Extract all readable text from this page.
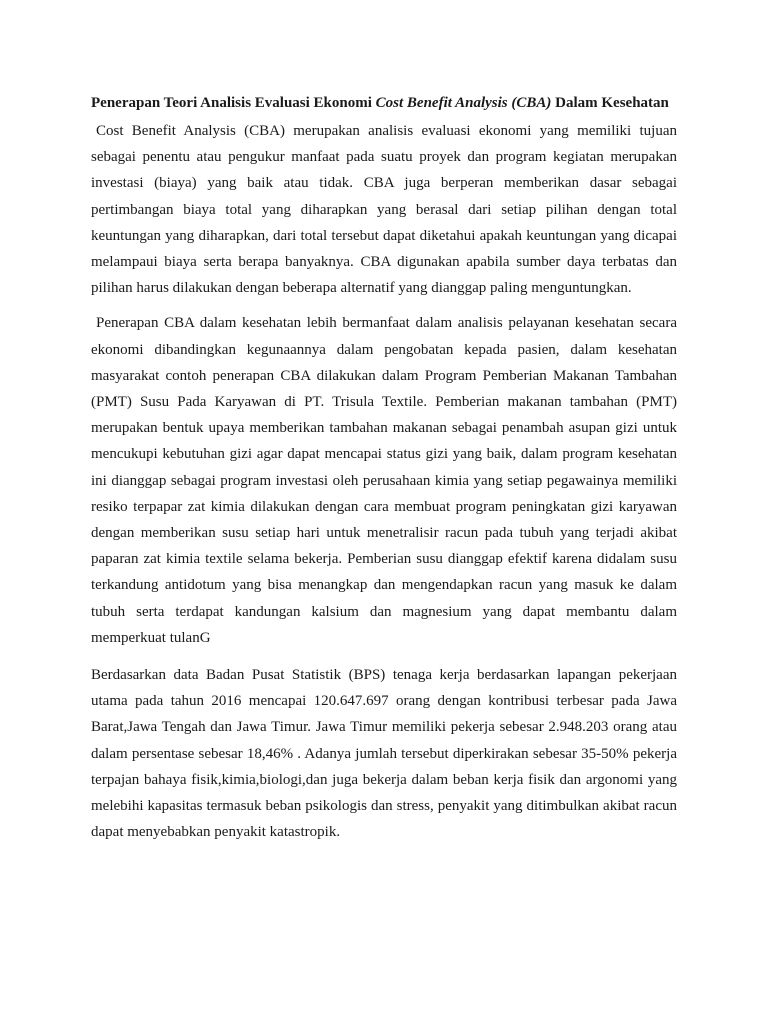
Penerapan Teori Analisis Evaluasi Ekonomi Cost Benefit Analysis (CBA) Dalam Kesehatan

Cost Benefit Analysis (CBA) merupakan analisis evaluasi ekonomi yang memiliki tujuan sebagai penentu atau pengukur manfaat pada suatu proyek dan program kegiatan merupakan investasi (biaya) yang baik atau tidak. CBA juga berperan memberikan dasar sebagai pertimbangan biaya total yang diharapkan yang berasal dari setiap pilihan dengan total keuntungan yang diharapkan, dari total tersebut dapat diketahui apakah keuntungan yang dicapai melampaui biaya serta berapa banyaknya. CBA digunakan apabila sumber daya terbatas dan pilihan harus dilakukan dengan beberapa alternatif yang dianggap paling menguntungkan.

Penerapan CBA dalam kesehatan lebih bermanfaat dalam analisis pelayanan kesehatan secara ekonomi dibandingkan kegunaannya dalam pengobatan kepada pasien, dalam kesehatan masyarakat contoh penerapan CBA dilakukan dalam Program Pemberian Makanan Tambahan (PMT) Susu Pada Karyawan di PT. Trisula Textile. Pemberian makanan tambahan (PMT) merupakan bentuk upaya memberikan tambahan makanan sebagai penambah asupan gizi untuk mencukupi kebutuhan gizi agar dapat mencapai status gizi yang baik, dalam program kesehatan ini dianggap sebagai program investasi oleh perusahaan kimia yang setiap pegawainya memiliki resiko terpapar zat kimia dilakukan dengan cara membuat program peningkatan gizi karyawan dengan memberikan susu setiap hari untuk menetralisir racun pada tubuh yang terjadi akibat paparan zat kimia textile selama bekerja. Pemberian susu dianggap efektif karena didalam susu terkandung antidotum yang bisa menangkap dan mengendapkan racun yang masuk ke dalam tubuh serta terdapat kandungan kalsium dan magnesium yang dapat membantu dalam memperkuat tulanG

Berdasarkan data Badan Pusat Statistik (BPS) tenaga kerja berdasarkan lapangan pekerjaan utama pada tahun 2016 mencapai 120.647.697 orang dengan kontribusi terbesar pada Jawa Barat,Jawa Tengah dan Jawa Timur. Jawa Timur memiliki pekerja sebesar 2.948.203 orang atau dalam persentase sebesar 18,46% . Adanya jumlah tersebut diperkirakan sebesar 35-50% pekerja terpajan bahaya fisik,kimia,biologi,dan juga bekerja dalam beban kerja fisik dan argonomi yang melebihi kapasitas termasuk beban psikologis dan stress, penyakit yang ditimbulkan akibat racun dapat menyebabkan penyakit katastropik.
